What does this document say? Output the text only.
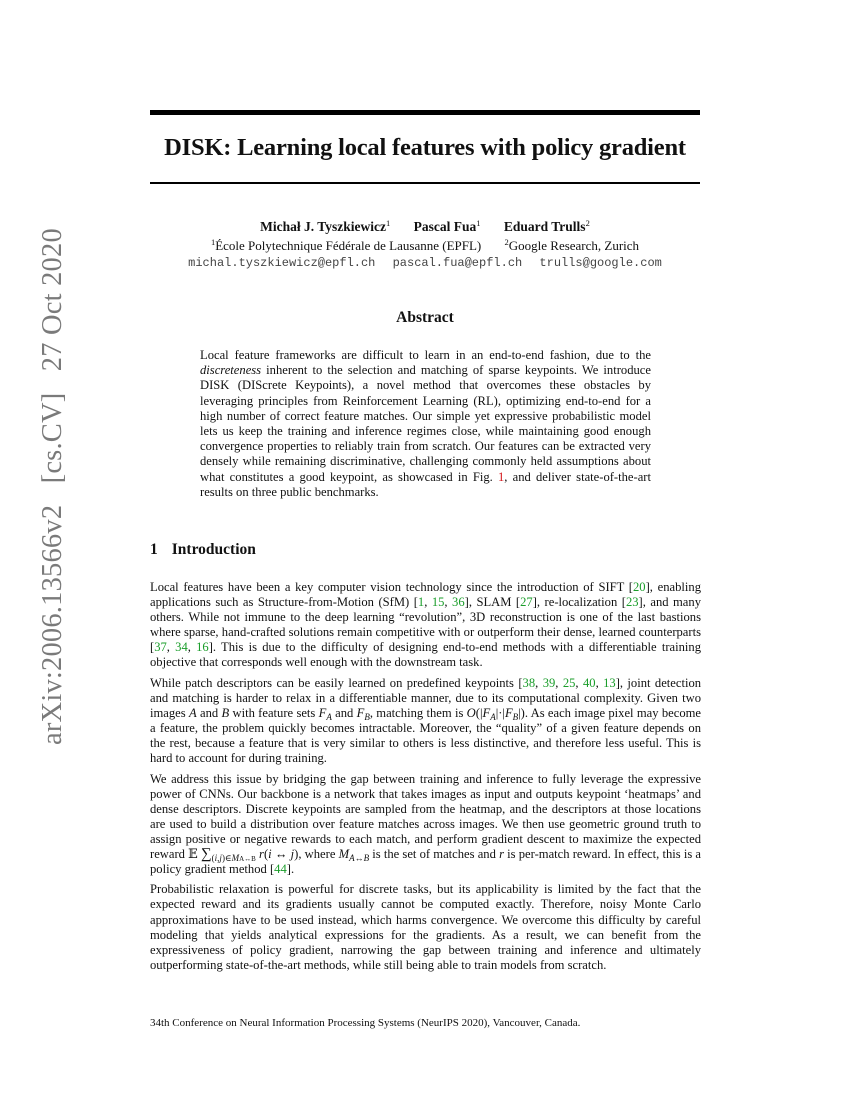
arXiv:2006.13566v2 [cs.CV] 27 Oct 2020
DISK: Learning local features with policy gradient
Michał J. Tyszkiewicz$^1$ Pascal Fua$^1$ Eduard Trulls$^2$
$^1$École Polytechnique Fédérale de Lausanne (EPFL)	$^2$Google Research, Zurich
michal.tyszkiewicz@epfl.ch pascal.fua@epfl.ch trulls@google.com
Abstract
Local feature frameworks are difficult to learn in an end-to-end fashion, due to the discreteness inherent to the selection and matching of sparse keypoints. We introduce DISK (DIScrete Keypoints), a novel method that overcomes these obstacles by leveraging principles from Reinforcement Learning (RL), optimizing end-to-end for a high number of correct feature matches. Our simple yet expressive probabilistic model lets us keep the training and inference regimes close, while maintaining good enough convergence properties to reliably train from scratch. Our features can be extracted very densely while remaining discriminative, challenging commonly held assumptions about what constitutes a good keypoint, as showcased in Fig. 1, and deliver state-of-the-art results on three public benchmarks.
1 Introduction

Local features have been a key computer vision technology since the introduction of SIFT [20], enabling applications such as Structure-from-Motion (SfM) [1, 15, 36], SLAM [27], re-localization [23], and many others. While not immune to the deep learning “revolution”, 3D reconstruction is one of the last bastions where sparse, hand-crafted solutions remain competitive with or outperform their dense, learned counterparts [37, 34, 16]. This is due to the difficulty of designing end-to-end methods with a differentiable training objective that corresponds well enough with the downstream task.

While patch descriptors can be easily learned on predefined keypoints [38, 39, 25, 40, 13], joint detection and matching is harder to relax in a differentiable manner, due to its computational complexity. Given two images A and B with feature sets $F_A$ and $F_B$, matching them is $O(|F_A|\cdot|F_B|)$. As each image pixel may become a feature, the problem quickly becomes intractable. Moreover, the “quality” of a given feature depends on the rest, because a feature that is very similar to others is less distinctive, and therefore less useful. This is hard to account for during training.

We address this issue by bridging the gap between training and inference to fully leverage the expressive power of CNNs. Our backbone is a network that takes images as input and outputs keypoint ‘heatmaps’ and dense descriptors. Discrete keypoints are sampled from the heatmap, and the descriptors at those locations are used to build a distribution over feature matches across images. We then use geometric ground truth to assign positive or negative rewards to each match, and perform gradient descent to maximize the expected reward 𝔼 $\sum_{(i,j)\in MA\leftrightarrow B}$ r(i ↔ j), where $M_{A\leftrightarrow B}$ is the set of matches and r is per-match reward. In effect, this is a policy gradient method [44].

Probabilistic relaxation is powerful for discrete tasks, but its applicability is limited by the fact that the expected reward and its gradients usually cannot be computed exactly. Therefore, noisy Monte Carlo approximations have to be used instead, which harms convergence. We overcome this difficulty by careful modeling that yields analytical expressions for the gradients. As a result, we can benefit from the expressiveness of policy gradient, narrowing the gap between training and inference and ultimately outperforming state-of-the-art methods, while still being able to train models from scratch.

34th Conference on Neural Information Processing Systems (NeurIPS 2020), Vancouver, Canada.
